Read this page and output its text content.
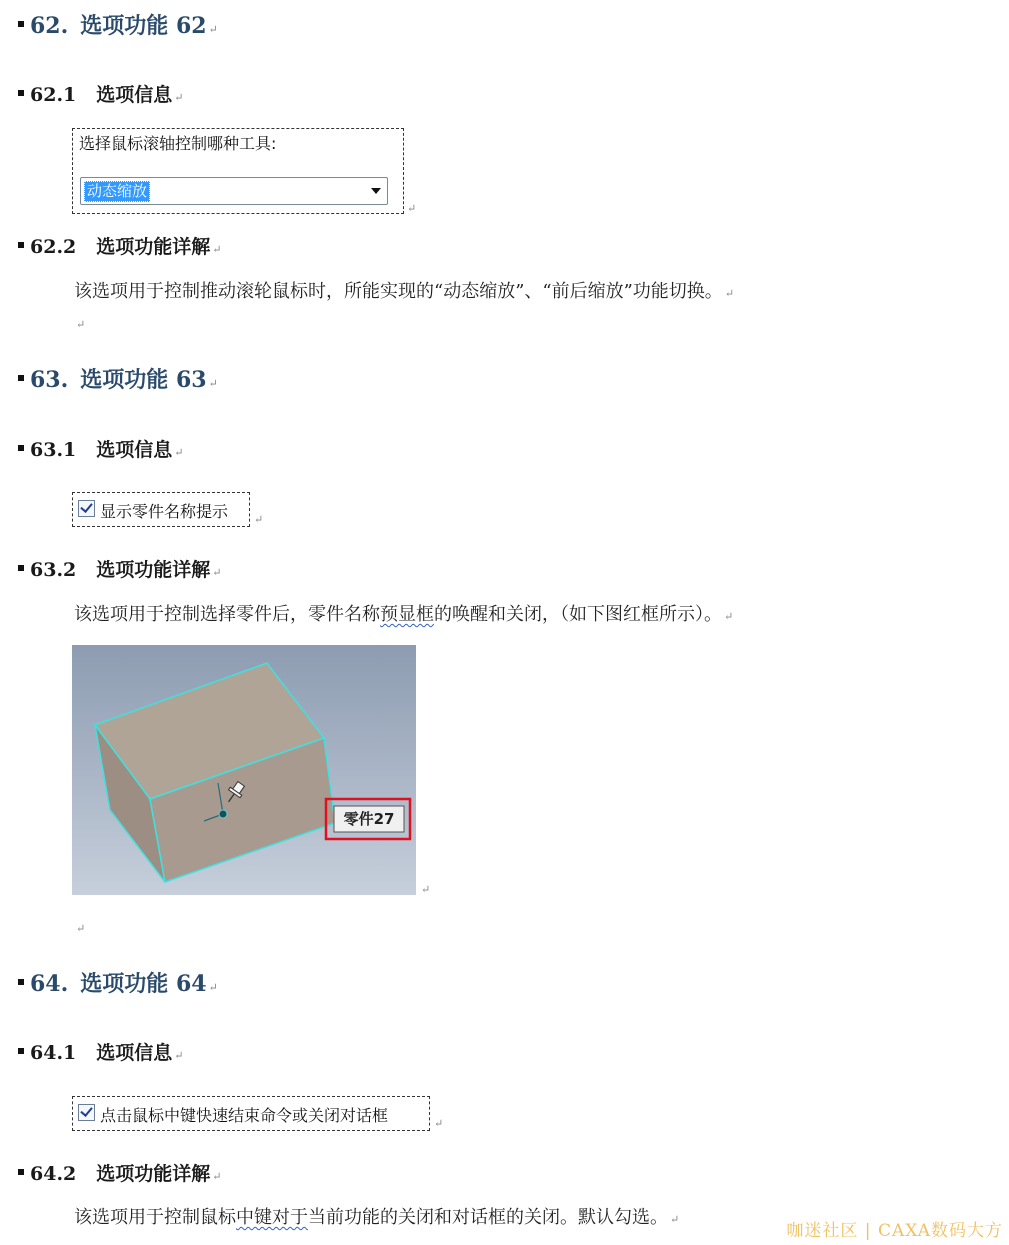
62. 选项功能 62 ↵
62.1 选项信息 ↵
选择鼠标滚轴控制哪种工具:
动态缩放
↵
62.2 选项功能详解 ↵
该选项用于控制推动滚轮鼠标时，所能实现的“动态缩放”、“前后缩放”功能切换。 ↵
↵
63. 选项功能 63 ↵
63.1 选项信息 ↵
显示零件名称提示 ↵
63.2 选项功能详解 ↵
该选项用于控制选择零件后，零件名称预显框的唤醒和关闭，（如下图红框所示）。 ↵
零件27
↵
↵
64. 选项功能 64 ↵
64.1 选项信息 ↵
点击鼠标中键快速结束命令或关闭对话框	↵
64.2 选项功能详解 ↵
该选项用于控制鼠标中键对于当前功能的关闭和对话框的关闭。默认勾选。 ↵
咖迷社区 | CAXA数码大方
